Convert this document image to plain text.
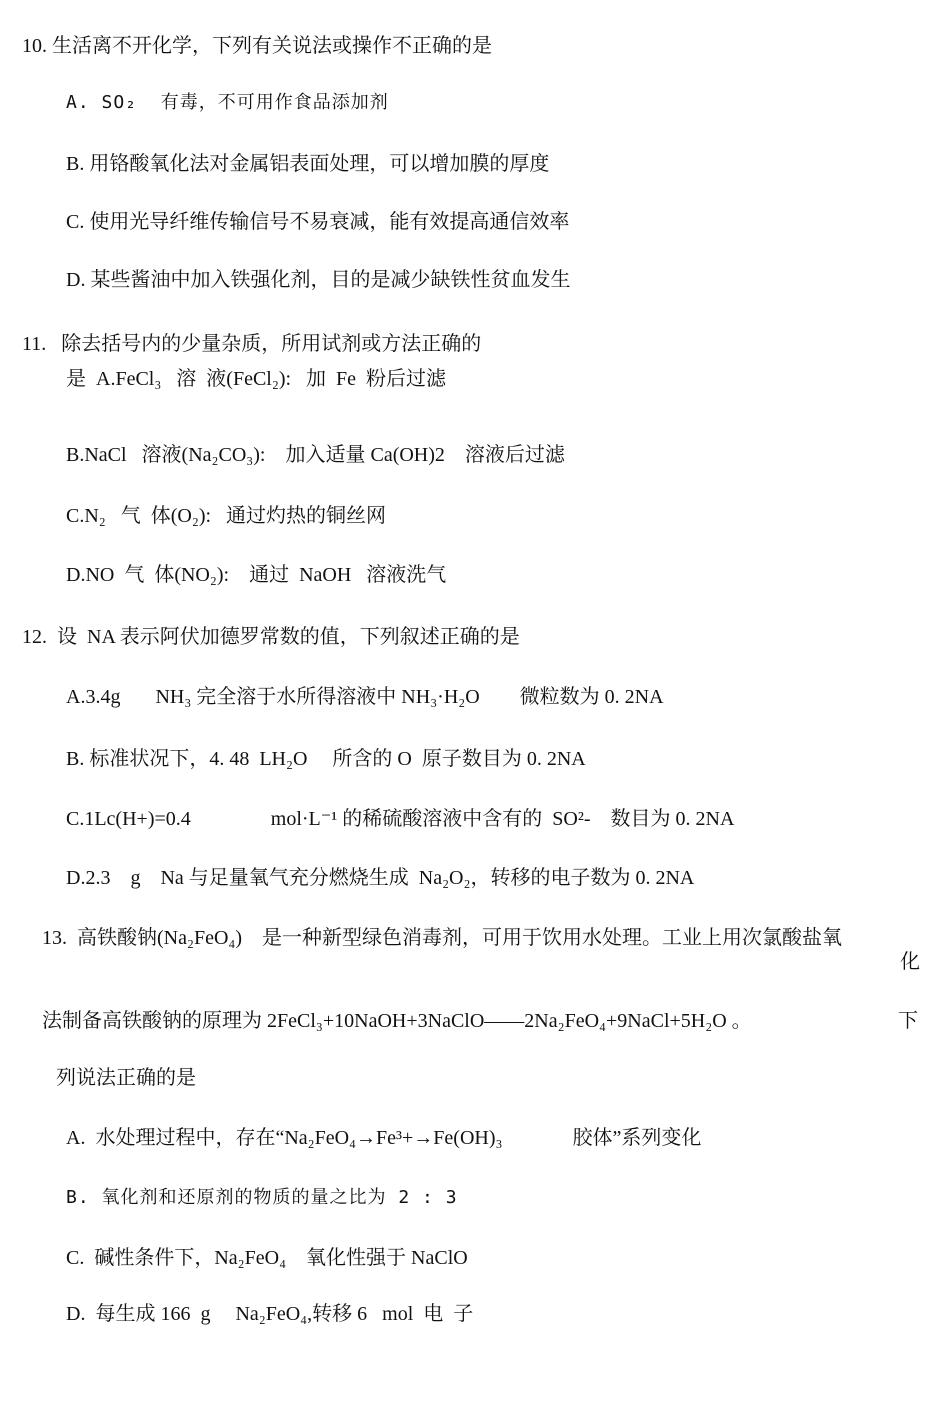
10. 生活离不开化学，下列有关说法或操作不正确的是
A. SO₂  有毒，不可用作食品添加剂
B. 用铬酸氧化法对金属铝表面处理，可以增加膜的厚度
C. 使用光导纤维传输信号不易衰减，能有效提高通信效率
D. 某些酱油中加入铁强化剂，目的是减少缺铁性贫血发生
11.   除去括号内的少量杂质，所用试剂或方法正确的
是  A.FeCl₃   溶  液(FeCl₂):   加  Fe  粉后过滤
B.NaCl   溶液(Na₂CO₃):    加入适量 Ca(OH)2    溶液后过滤
C.N₂   气  体(O₂):   通过灼热的铜丝网
D.NO  气  体(NO₂):    通过  NaOH   溶液洗气
12.  设  NA 表示阿伏加德罗常数的值，下列叙述正确的是
A.3.4g       NH₃ 完全溶于水所得溶液中 NH₃·H₂O        微粒数为 0. 2NA
B. 标准状况下，4. 48  LH₂O     所含的 O  原子数目为 0. 2NA
C.1Lc(H+)=0.4                mol·L⁻¹ 的稀硫酸溶液中含有的  SO²-    数目为 0. 2NA
D.2.3    g    Na 与足量氧气充分燃烧生成  Na₂O₂，转移的电子数为 0. 2NA
13.  高铁酸钠(Na₂FeO₄)    是一种新型绿色消毒剂，可用于饮用水处理。工业上用次氯酸盐氧
化
法制备高铁酸钠的原理为 2FeCl₃+10NaOH+3NaClO——2Na₂FeO₄+9NaCl+5H₂O 。	下
列说法正确的是
A.  水处理过程中，存在“Na₂FeO₄→Fe³+→Fe(OH)₃              胶体”系列变化
B. 氧化剂和还原剂的物质的量之比为 2 : 3
C.  碱性条件下，Na₂FeO₄    氧化性强于 NaClO
D.  每生成 166  g     Na₂FeO₄,转移 6   mol  电  子
